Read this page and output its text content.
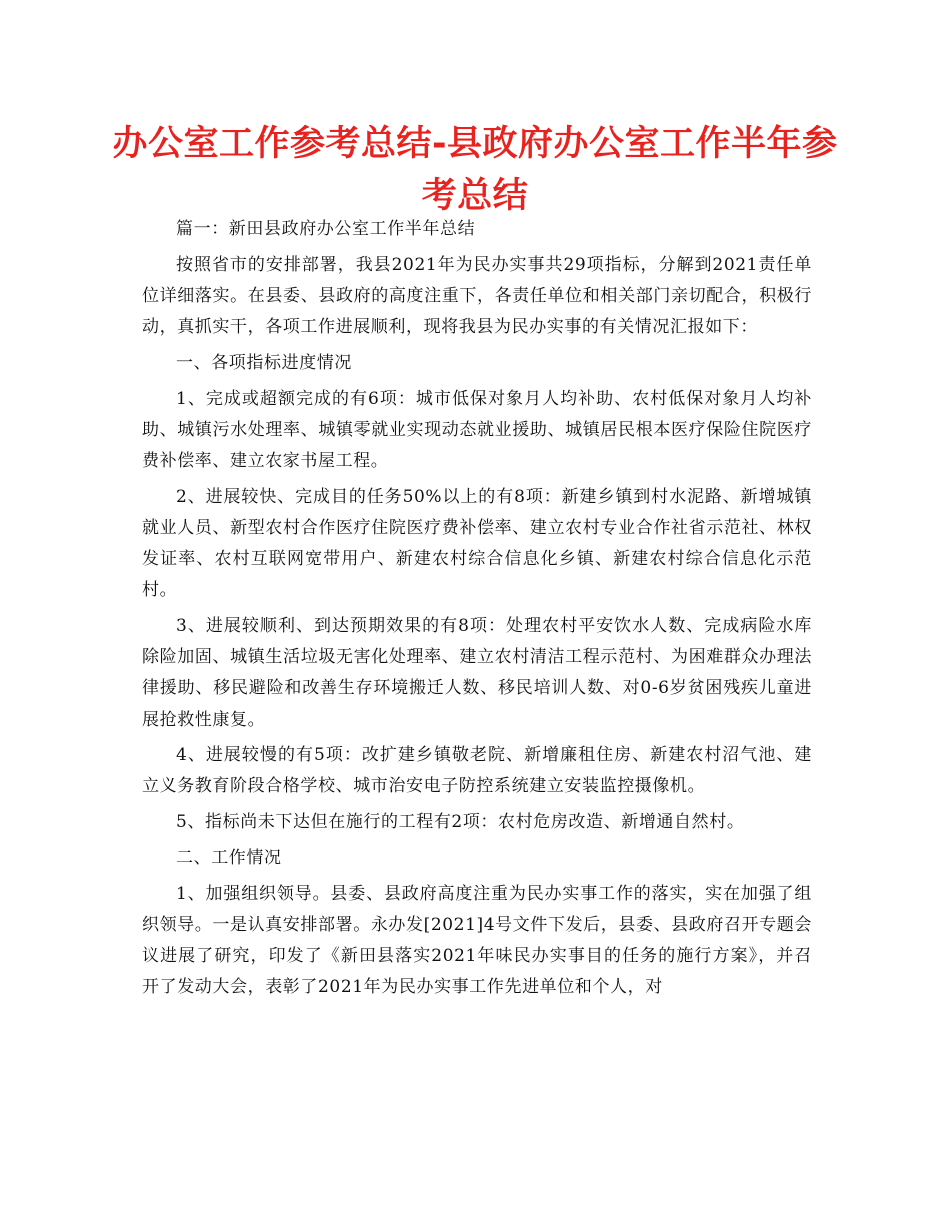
办公室工作参考总结-县政府办公室工作半年参考总结

篇一：新田县政府办公室工作半年总结

按照省市的安排部署，我县2021年为民办实事共29项指标，分解到2021责任单位详细落实。在县委、县政府的高度注重下，各责任单位和相关部门亲切配合，积极行动，真抓实干，各项工作进展顺利，现将我县为民办实事的有关情况汇报如下：

一、各项指标进度情况

1、完成或超额完成的有6项：城市低保对象月人均补助、农村低保对象月人均补助、城镇污水处理率、城镇零就业实现动态就业援助、城镇居民根本医疗保险住院医疗费补偿率、建立农家书屋工程。

2、进展较快、完成目的任务50%以上的有8项：新建乡镇到村水泥路、新增城镇就业人员、新型农村合作医疗住院医疗费补偿率、建立农村专业合作社省示范社、林权发证率、农村互联网宽带用户、新建农村综合信息化乡镇、新建农村综合信息化示范村。

3、进展较顺利、到达预期效果的有8项：处理农村平安饮水人数、完成病险水库除险加固、城镇生活垃圾无害化处理率、建立农村清洁工程示范村、为困难群众办理法律援助、移民避险和改善生存环境搬迁人数、移民培训人数、对0-6岁贫困残疾儿童进展抢救性康复。

4、进展较慢的有5项：改扩建乡镇敬老院、新增廉租住房、新建农村沼气池、建立义务教育阶段合格学校、城市治安电子防控系统建立安装监控摄像机。

5、指标尚未下达但在施行的工程有2项：农村危房改造、新增通自然村。

二、工作情况

1、加强组织领导。县委、县政府高度注重为民办实事工作的落实，实在加强了组织领导。一是认真安排部署。永办发[2021]4号文件下发后，县委、县政府召开专题会议进展了研究，印发了《新田县落实2021年味民办实事目的任务的施行方案》，并召开了发动大会，表彰了2021年为民办实事工作先进单位和个人，对
